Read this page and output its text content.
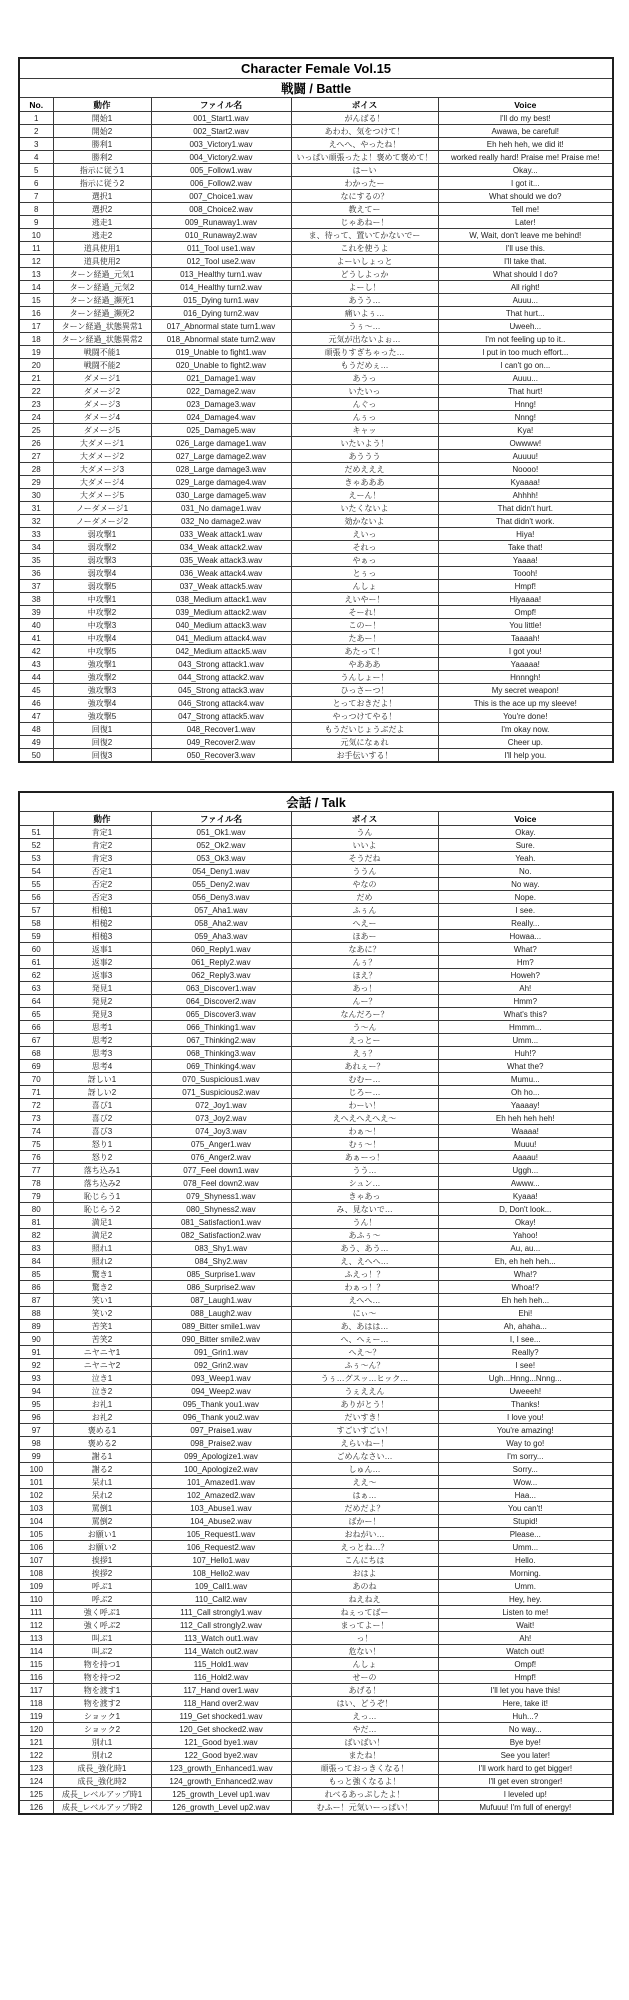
Character Female Vol.15				
戦闘 / Battle				
No.	動作	ファイル名	ボイス	Voice
1	開始1	001_Start1.wav	がんばる！	I'll do my best!
2	開始2	002_Start2.wav	あわわ、気をつけて！	Awawa, be careful!
3	勝利1	003_Victory1.wav	えへへ、やったね！	Eh heh heh, we did it!
4	勝利2	004_Victory2.wav	いっぱい頑張ったよ！褒めて褒めて！	worked really hard! Praise me! Praise me!
5	指示に従う1	005_Follow1.wav	はーい	Okay...
6	指示に従う2	006_Follow2.wav	わかったー	I got it...
7	選択1	007_Choice1.wav	なにするの？	What should we do?
8	選択2	008_Choice2.wav	教えてー	Tell me!
9	逃走1	009_Runaway1.wav	じゃあねー！	Later!
10	逃走2	010_Runaway2.wav	ま、待って、置いてかないでー	W, Wait, don't leave me behind!
11	道具使用1	011_Tool use1.wav	これを使うよ	I'll use this.
12	道具使用2	012_Tool use2.wav	よーいしょっと	I'll take that.
13	ターン経過_元気1	013_Healthy turn1.wav	どうしよっか	What should I do?
14	ターン経過_元気2	014_Healthy turn2.wav	よーし！	All right!
15	ターン経過_瀕死1	015_Dying turn1.wav	あうう…	Auuu...
16	ターン経過_瀕死2	016_Dying turn2.wav	痛いよぅ…	That hurt...
17	ターン経過_状態異常1	017_Abnormal state turn1.wav	うぅ～…	Uweeh...
18	ターン経過_状態異常2	018_Abnormal state turn2.wav	元気が出ないよぉ…	I'm not feeling up to it..
19	戦闘不能1	019_Unable to fight1.wav	頑張りすぎちゃった…	I put in too much effort...
20	戦闘不能2	020_Unable to fight2.wav	もうだめぇ…	I can't go on...
21	ダメージ1	021_Damage1.wav	あうっ	Auuu...
22	ダメージ2	022_Damage2.wav	いたいっ	That hurt!
23	ダメージ3	023_Damage3.wav	んぐっ	Hnng!
24	ダメージ4	024_Damage4.wav	んぅっ	Nnng!
25	ダメージ5	025_Damage5.wav	キャッ	Kya!
26	大ダメージ1	026_Large damage1.wav	いたいよう！	Owwww!
27	大ダメージ2	027_Large damage2.wav	あううう	Auuuu!
28	大ダメージ3	028_Large damage3.wav	だめえええ	Noooo!
29	大ダメージ4	029_Large damage4.wav	きゃあああ	Kyaaaa!
30	大ダメージ5	030_Large damage5.wav	えーん！	Ahhhh!
31	ノーダメージ1	031_No damage1.wav	いたくないよ	That didn't hurt.
32	ノーダメージ2	032_No damage2.wav	効かないよ	That didn't work.
33	弱攻撃1	033_Weak attack1.wav	えいっ	Hiya!
34	弱攻撃2	034_Weak attack2.wav	それっ	Take that!
35	弱攻撃3	035_Weak attack3.wav	やぁっ	Yaaaa!
36	弱攻撃4	036_Weak attack4.wav	とぅっ	Toooh!
37	弱攻撃5	037_Weak attack5.wav	んしょ	Hmpf!
38	中攻撃1	038_Medium attack1.wav	えいやー！	Hiyaaaa!
39	中攻撃2	039_Medium attack2.wav	そーれ！	Ompf!
40	中攻撃3	040_Medium attack3.wav	このー！	You little!
41	中攻撃4	041_Medium attack4.wav	たあー！	Taaaah!
42	中攻撃5	042_Medium attack5.wav	あたって！	I got you!
43	強攻撃1	043_Strong attack1.wav	やあああ	Yaaaaa!
44	強攻撃2	044_Strong attack2.wav	うんしょー！	Hnnngh!
45	強攻撃3	045_Strong attack3.wav	ひっさーつ！	My secret weapon!
46	強攻撃4	046_Strong attack4.wav	とっておきだよ！	This is the ace up my sleeve!
47	強攻撃5	047_Strong attack5.wav	やっつけてやる！	You're done!
48	回復1	048_Recover1.wav	もうだいじょうぶだよ	I'm okay now.
49	回復2	049_Recover2.wav	元気になぁれ	Cheer up.
50	回復3	050_Recover3.wav	お手伝いする！	I'll help you.
会話 / Talk				
	動作	ファイル名	ボイス	Voice
51	肯定1	051_Ok1.wav	うん	Okay.
52	肯定2	052_Ok2.wav	いいよ	Sure.
53	肯定3	053_Ok3.wav	そうだね	Yeah.
54	否定1	054_Deny1.wav	ううん	No.
55	否定2	055_Deny2.wav	やなの	No way.
56	否定3	056_Deny3.wav	だめ	Nope.
57	相槌1	057_Aha1.wav	ふぅん	I see.
58	相槌2	058_Aha2.wav	へえー	Really...
59	相槌3	059_Aha3.wav	ほあー	Howaa...
60	返事1	060_Reply1.wav	なあに？	What?
61	返事2	061_Reply2.wav	んぅ？	Hm?
62	返事3	062_Reply3.wav	ほえ？	Howeh?
63	発見1	063_Discover1.wav	あっ！	Ah!
64	発見2	064_Discover2.wav	んー？	Hmm?
65	発見3	065_Discover3.wav	なんだろー？	What's this?
66	思考1	066_Thinking1.wav	う～ん	Hmmm...
67	思考2	067_Thinking2.wav	えっとー	Umm...
68	思考3	068_Thinking3.wav	えぅ？	Huh!?
69	思考4	069_Thinking4.wav	あれぇー？	What the?
70	訝しい1	070_Suspicious1.wav	むむー…	Mumu...
71	訝しい2	071_Suspicious2.wav	じろー…	Oh ho...
72	喜び1	072_Joy1.wav	わーい！	Yaaaay!
73	喜び2	073_Joy2.wav	えへえへえへえ～	Eh heh heh heh!
74	喜び3	074_Joy3.wav	わぁ～！	Waaaa!
75	怒り1	075_Anger1.wav	むぅ～！	Muuu!
76	怒り2	076_Anger2.wav	あぁーっ！	Aaaau!
77	落ち込み1	077_Feel down1.wav	うう…	Uggh...
78	落ち込み2	078_Feel down2.wav	シュン…	Awww...
79	恥じらう1	079_Shyness1.wav	きゃあっ	Kyaaa!
80	恥じらう2	080_Shyness2.wav	み、見ないで…	D, Don't look...
81	満足1	081_Satisfaction1.wav	うん！	Okay!
82	満足2	082_Satisfaction2.wav	あふぅ～	Yahoo!
83	照れ1	083_Shy1.wav	あう、あう…	Au, au...
84	照れ2	084_Shy2.wav	え、えへへ…	Eh, eh heh heh...
85	驚き1	085_Surprise1.wav	ふえっ！？	Wha!?
86	驚き2	086_Surprise2.wav	わぁっ！？	Whoa!?
87	笑い1	087_Laugh1.wav	えへへ…	Eh heh heh...
88	笑い2	088_Laugh2.wav	にぃ～	Ehi!
89	苦笑1	089_Bitter smile1.wav	あ、あはは…	Ah, ahaha...
90	苦笑2	090_Bitter smile2.wav	へ、へぇー…	I, I see...
91	ニヤニヤ1	091_Grin1.wav	へえ～？	Really?
92	ニヤニヤ2	092_Grin2.wav	ふぅ～ん？	I see!
93	泣き1	093_Weep1.wav	うぅ…グスッ…ヒック…	Ugh...Hnng...Nnng...
94	泣き2	094_Weep2.wav	うぇええん	Uweeeh!
95	お礼1	095_Thank you1.wav	ありがとう！	Thanks!
96	お礼2	096_Thank you2.wav	だいすき！	I love you!
97	褒める1	097_Praise1.wav	すごいすごい！	You're amazing!
98	褒める2	098_Praise2.wav	えらいねー！	Way to go!
99	謝る1	099_Apologize1.wav	ごめんなさい…	I'm sorry...
100	謝る2	100_Apologize2.wav	しゅん…	Sorry...
101	呆れ1	101_Amazed1.wav	ええ～	Wow...
102	呆れ2	102_Amazed2.wav	はぁ…	Haa...
103	罵倒1	103_Abuse1.wav	だめだよ？	You can't!
104	罵倒2	104_Abuse2.wav	ばかー！	Stupid!
105	お願い1	105_Request1.wav	おねがい…	Please...
106	お願い2	106_Request2.wav	えっとね…？	Umm...
107	挨拶1	107_Hello1.wav	こんにちは	Hello.
108	挨拶2	108_Hello2.wav	おはよ	Morning.
109	呼ぶ1	109_Call1.wav	あのね	Umm.
110	呼ぶ2	110_Call2.wav	ねえねえ	Hey, hey.
111	強く呼ぶ1	111_Call strongly1.wav	ねぇってばー	Listen to me!
112	強く呼ぶ2	112_Call strongly2.wav	まってよー！	Wait!
113	叫ぶ1	113_Watch out1.wav	っ！	Ah!
114	叫ぶ2	114_Watch out2.wav	危ない！	Watch out!
115	物を持つ1	115_Hold1.wav	んしょ	Ompf!
116	物を持つ2	116_Hold2.wav	せーの	Hmpf!
117	物を渡す1	117_Hand over1.wav	あげる！	I'll let you have this!
118	物を渡す2	118_Hand over2.wav	はい、どうぞ！	Here, take it!
119	ショック1	119_Get shocked1.wav	えっ…	Huh...?
120	ショック2	120_Get shocked2.wav	やだ…	No way...
121	別れ1	121_Good bye1.wav	ばいばい！	Bye bye!
122	別れ2	122_Good bye2.wav	またね！	See you later!
123	成長_強化時1	123_growth_Enhanced1.wav	頑張っておっきくなる！	I'll work hard to get bigger!
124	成長_強化時2	124_growth_Enhanced2.wav	もっと強くなるよ！	I'll get even stronger!
125	成長_レベルアップ時1	125_growth_Level up1.wav	れべるあっぷしたよ！	I leveled up!
126	成長_レベルアップ時2	126_growth_Level up2.wav	むふー！元気いーっぱい！	Mufuuu! I'm full of energy!
